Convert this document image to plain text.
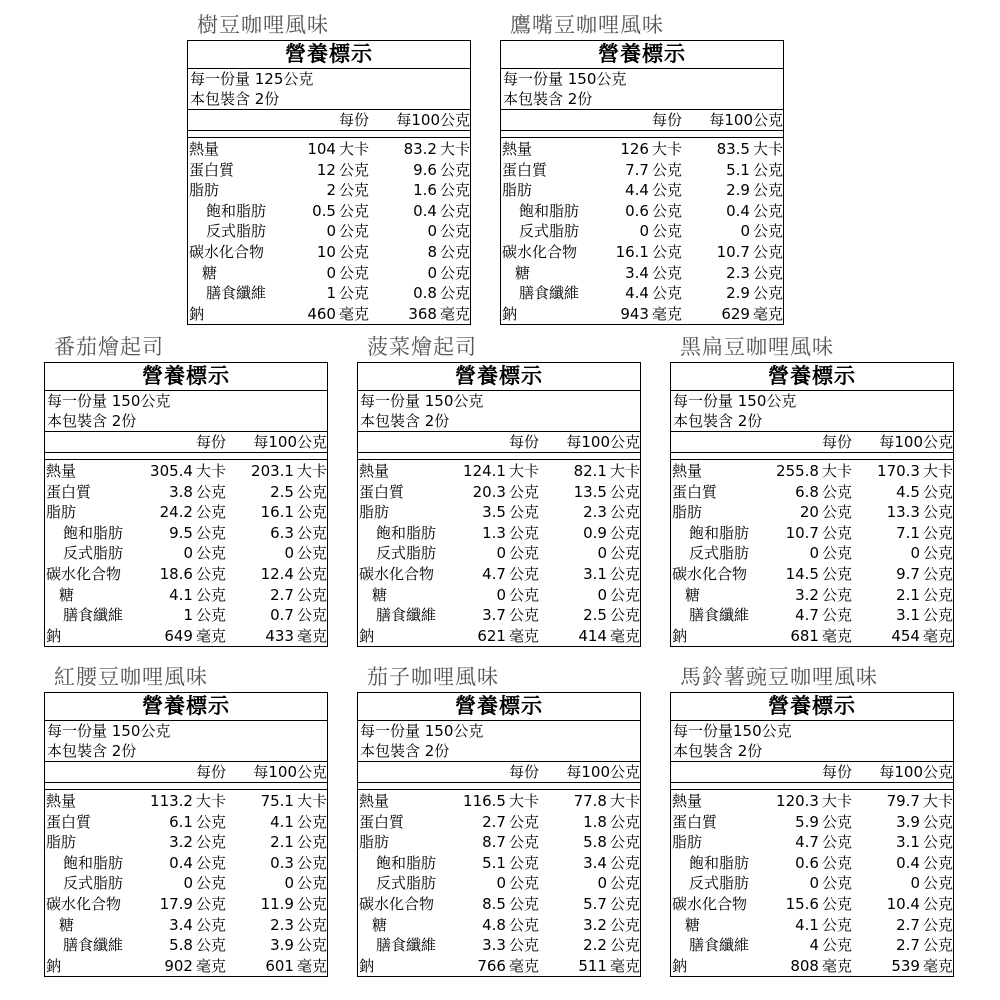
樹豆咖哩風味
營養標示
每一份量 125公克
本包裝含 2份
每份	每100公克
熱量	104 大卡 83.2 大卡
蛋白質	12 公克	9.6 公克
脂肪	2 公克	1.6 公克
飽和脂肪	0.5 公克	0.4 公克
反式脂肪	0 公克	0 公克
碳水化合物	10 公克	8 公克
糖	0 公克	0 公克
膳食纖維	1 公克	0.8 公克
鈉	460 毫克	368 毫克
鷹嘴豆咖哩風味
營養標示
每一份量 150公克
本包裝含 2份
每份	每100公克
熱量	126 大卡 83.5 大卡
蛋白質	7.7 公克	5.1 公克
脂肪	4.4 公克	2.9 公克
飽和脂肪	0.6 公克	0.4 公克
反式脂肪	0 公克	0 公克
碳水化合物	16.1 公克 10.7 公克
糖	3.4 公克	2.3 公克
膳食纖維	4.4 公克	2.9 公克
鈉	943 毫克	629 毫克
番茄燴起司
營養標示
每一份量 150公克
本包裝含 2份
每份	每100公克
熱量	305.4 大卡 203.1 大卡
蛋白質	3.8 公克	2.5 公克
脂肪	24.2 公克 16.1 公克
飽和脂肪	9.5 公克	6.3 公克
反式脂肪	0 公克	0 公克
碳水化合物	18.6 公克 12.4 公克
糖	4.1 公克	2.7 公克
膳食纖維	1 公克	0.7 公克
鈉	649 毫克	433 毫克
菠菜燴起司
營養標示
每一份量 150公克
本包裝含 2份
每份	每100公克
熱量	124.1 大卡 82.1 大卡
蛋白質	20.3 公克 13.5 公克
脂肪	3.5 公克	2.3 公克
飽和脂肪	1.3 公克	0.9 公克
反式脂肪	0 公克	0 公克
碳水化合物	4.7 公克	3.1 公克
糖	0 公克	0 公克
膳食纖維	3.7 公克	2.5 公克
鈉	621 毫克	414 毫克
黑扁豆咖哩風味
營養標示
每一份量 150公克
本包裝含 2份
每份	每100公克
熱量	255.8 大卡 170.3 大卡
蛋白質	6.8 公克	4.5 公克
脂肪	20 公克 13.3 公克
飽和脂肪	10.7 公克	7.1 公克
反式脂肪	0 公克	0 公克
碳水化合物	14.5 公克	9.7 公克
糖	3.2 公克	2.1 公克
膳食纖維	4.7 公克	3.1 公克
鈉	681 毫克	454 毫克
紅腰豆咖哩風味
營養標示
每一份量 150公克
本包裝含 2份
每份	每100公克
熱量	113.2 大卡 75.1 大卡
蛋白質	6.1 公克	4.1 公克
脂肪	3.2 公克	2.1 公克
飽和脂肪	0.4 公克	0.3 公克
反式脂肪	0 公克	0 公克
碳水化合物	17.9 公克 11.9 公克
糖	3.4 公克	2.3 公克
膳食纖維	5.8 公克	3.9 公克
鈉	902 毫克	601 毫克
茄子咖哩風味
營養標示
每一份量 150公克
本包裝含 2份
每份	每100公克
熱量	116.5 大卡 77.8 大卡
蛋白質	2.7 公克	1.8 公克
脂肪	8.7 公克	5.8 公克
飽和脂肪	5.1 公克	3.4 公克
反式脂肪	0 公克	0 公克
碳水化合物	8.5 公克	5.7 公克
糖	4.8 公克	3.2 公克
膳食纖維	3.3 公克	2.2 公克
鈉	766 毫克	511 毫克
馬鈴薯豌豆咖哩風味
營養標示
每一份量150公克
本包裝含 2份
每份	每100公克
熱量	120.3 大卡 79.7 大卡
蛋白質	5.9 公克	3.9 公克
脂肪	4.7 公克	3.1 公克
飽和脂肪	0.6 公克	0.4 公克
反式脂肪	0 公克	0 公克
碳水化合物	15.6 公克 10.4 公克
糖	4.1 公克	2.7 公克
膳食纖維	4 公克	2.7 公克
鈉	808 毫克	539 毫克
